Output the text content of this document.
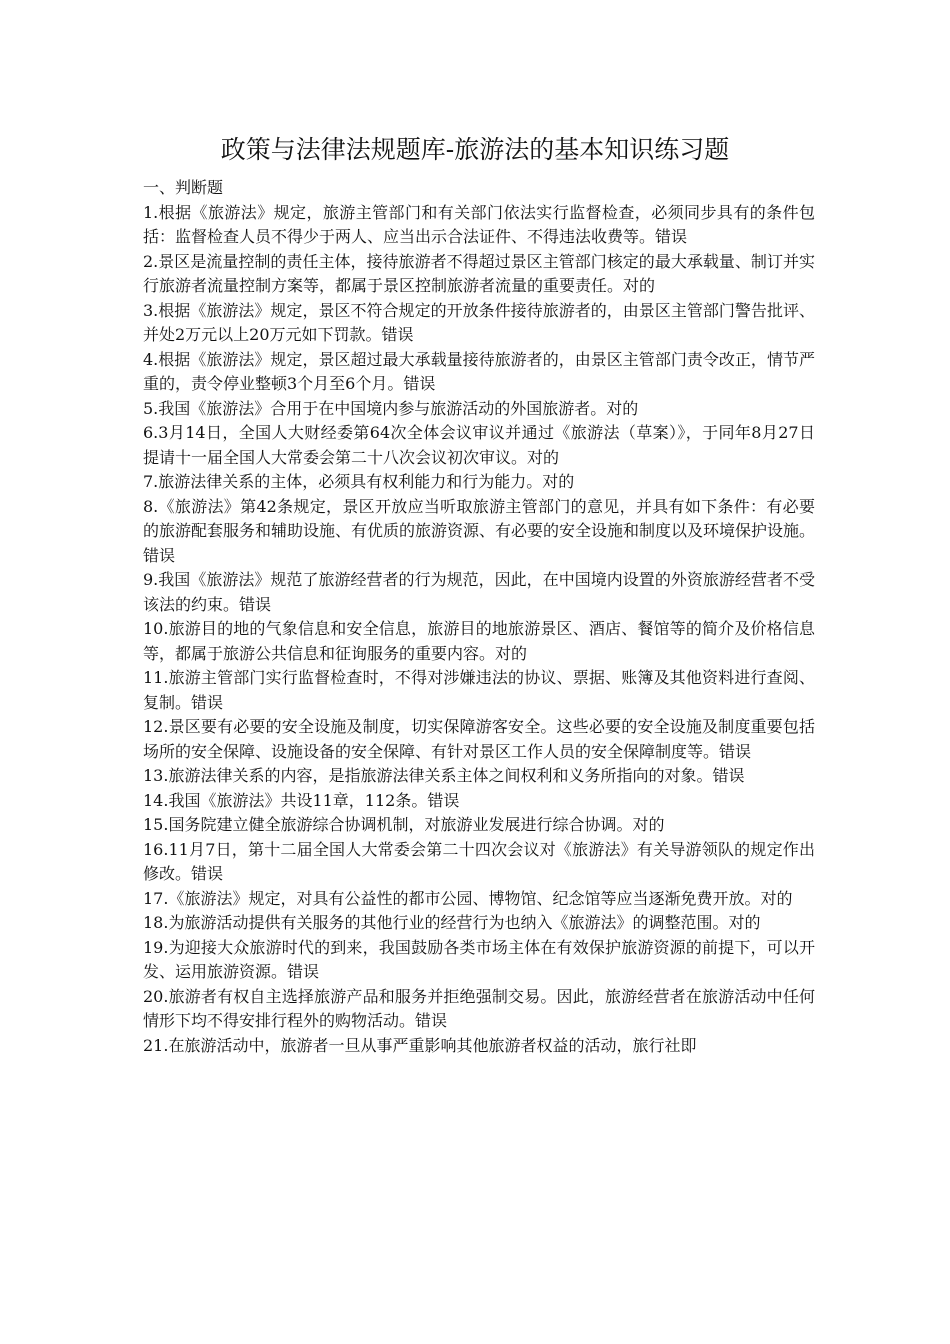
政策与法律法规题库-旅游法的基本知识练习题

一、判断题

1.根据《旅游法》规定，旅游主管部门和有关部门依法实行监督检查，必须同步具有的条件包括：监督检查人员不得少于两人、应当出示合法证件、不得违法收费等。错误

2.景区是流量控制的责任主体，接待旅游者不得超过景区主管部门核定的最大承载量、制订并实行旅游者流量控制方案等，都属于景区控制旅游者流量的重要责任。对的

3.根据《旅游法》规定，景区不符合规定的开放条件接待旅游者的，由景区主管部门警告批评、并处2万元以上20万元如下罚款。错误

4.根据《旅游法》规定，景区超过最大承载量接待旅游者的，由景区主管部门责令改正，情节严重的，责令停业整顿3个月至6个月。错误

5.我国《旅游法》合用于在中国境内参与旅游活动的外国旅游者。对的

6.3月14日，全国人大财经委第64次全体会议审议并通过《旅游法（草案）》，于同年8月27日提请十一届全国人大常委会第二十八次会议初次审议。对的

7.旅游法律关系的主体，必须具有权利能力和行为能力。对的

8.《旅游法》第42条规定，景区开放应当听取旅游主管部门的意见，并具有如下条件：有必要的旅游配套服务和辅助设施、有优质的旅游资源、有必要的安全设施和制度以及环境保护设施。错误

9.我国《旅游法》规范了旅游经营者的行为规范，因此，在中国境内设置的外资旅游经营者不受该法的约束。错误

10.旅游目的地的气象信息和安全信息，旅游目的地旅游景区、酒店、餐馆等的简介及价格信息等，都属于旅游公共信息和征询服务的重要内容。对的

11.旅游主管部门实行监督检查时，不得对涉嫌违法的协议、票据、账簿及其他资料进行查阅、复制。错误

12.景区要有必要的安全设施及制度，切实保障游客安全。这些必要的安全设施及制度重要包括场所的安全保障、设施设备的安全保障、有针对景区工作人员的安全保障制度等。错误

13.旅游法律关系的内容，是指旅游法律关系主体之间权利和义务所指向的对象。错误

14.我国《旅游法》共设11章，112条。错误

15.国务院建立健全旅游综合协调机制，对旅游业发展进行综合协调。对的

16.11月7日，第十二届全国人大常委会第二十四次会议对《旅游法》有关导游领队的规定作出修改。错误

17.《旅游法》规定，对具有公益性的都市公园、博物馆、纪念馆等应当逐渐免费开放。对的

18.为旅游活动提供有关服务的其他行业的经营行为也纳入《旅游法》的调整范围。对的

19.为迎接大众旅游时代的到来，我国鼓励各类市场主体在有效保护旅游资源的前提下，可以开发、运用旅游资源。错误

20.旅游者有权自主选择旅游产品和服务并拒绝强制交易。因此，旅游经营者在旅游活动中任何情形下均不得安排行程外的购物活动。错误

21.在旅游活动中，旅游者一旦从事严重影响其他旅游者权益的活动，旅行社即
